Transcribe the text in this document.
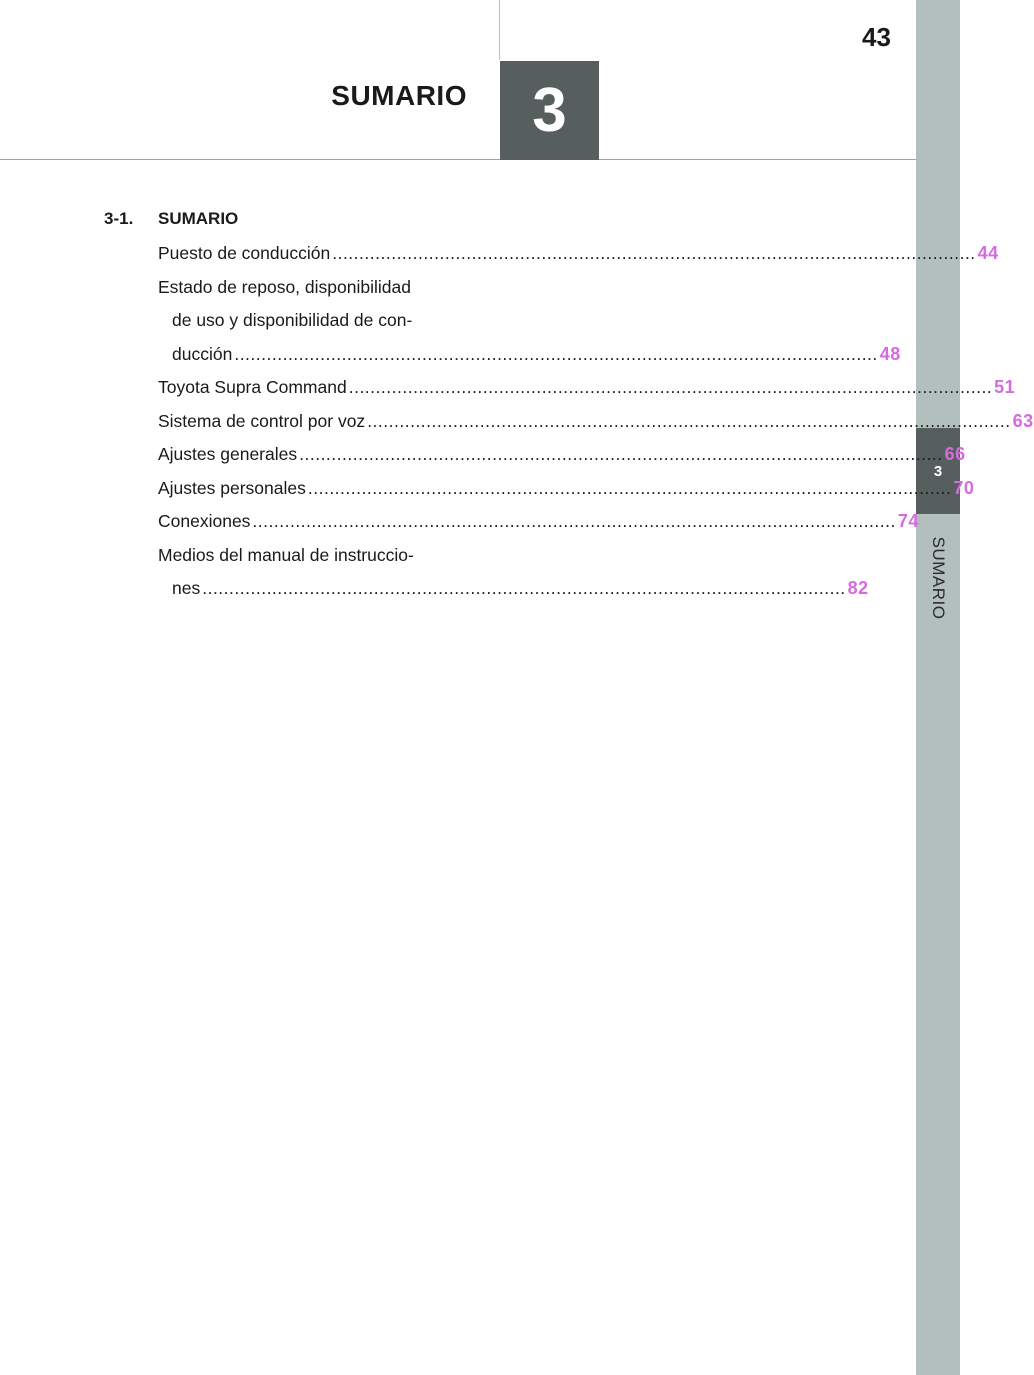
SUMARIO 3
43
3
SUMARIO
3-1. SUMARIO
Puesto de conducción ........................................................................................................................ 44
Estado de reposo, disponibilidad
de uso y disponibilidad de con-
ducción ........................................................................................................................ 48
Toyota Supra Command ........................................................................................................................ 51
Sistema de control por voz ........................................................................................................................ 63
Ajustes generales ........................................................................................................................ 66
Ajustes personales ........................................................................................................................ 70
Conexiones ........................................................................................................................ 74
Medios del manual de instruccio-
nes ........................................................................................................................ 82
